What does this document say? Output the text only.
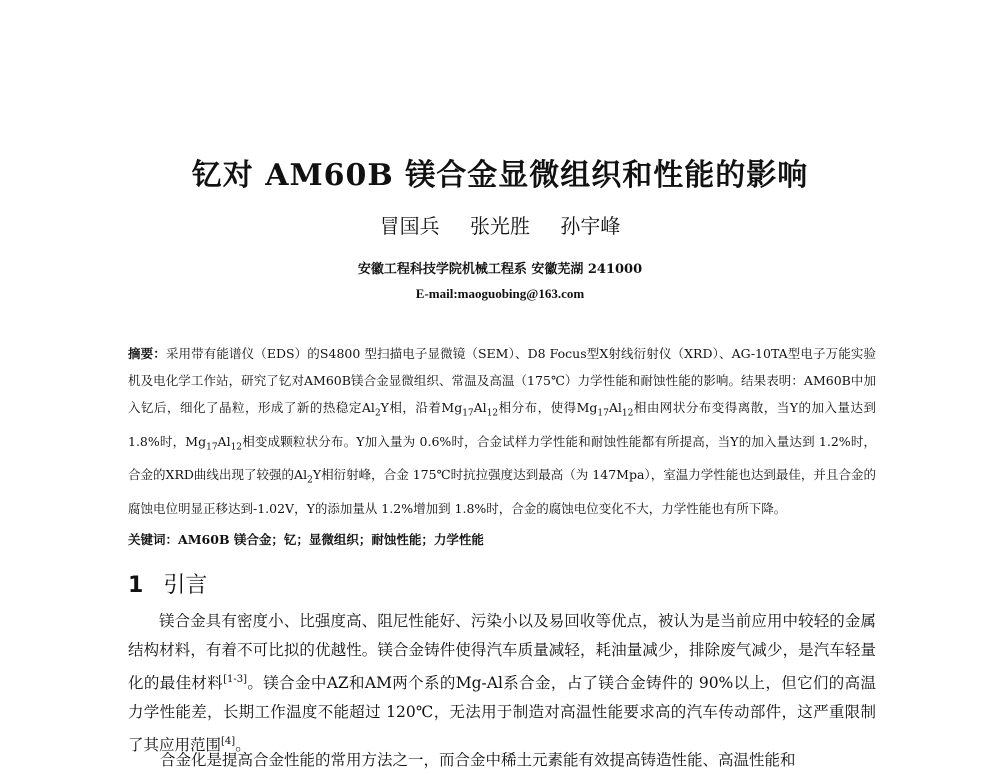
钇对 AM60B 镁合金显微组织和性能的影响
冒国兵 张光胜 孙宇峰
安徽工程科技学院机械工程系 安徽芜湖 241000
E-mail:maoguobing@163.com
摘要：采用带有能谱仪（EDS）的S4800 型扫描电子显微镜（SEM）、D8 Focus型X射线衍射仪（XRD）、AG-10TA型电子万能实验机及电化学工作站，研究了钇对AM60B镁合金显微组织、常温及高温（175℃）力学性能和耐蚀性能的影响。结果表明：AM60B中加入钇后，细化了晶粒，形成了新的热稳定$Al_2Y$相，沿着$Mg_{17}Al_{12}$相分布，使得$Mg_{17}Al_{12}$相由网状分布变得离散，当Y的加入量达到 1.8%时，$Mg_{17}Al_{12}$相变成颗粒状分布。Y加入量为 0.6%时，合金试样力学性能和耐蚀性能都有所提高，当Y的加入量达到 1.2%时，合金的XRD曲线出现了较强的$Al_2Y$相衍射峰，合金 175℃时抗拉强度达到最高（为 147Mpa），室温力学性能也达到最佳，并且合金的腐蚀电位明显正移达到-1.02V，Y的添加量从 1.2%增加到 1.8%时，合金的腐蚀电位变化不大，力学性能也有所下降。
关键词：AM60B 镁合金；钇；显微组织；耐蚀性能；力学性能
1 引言
镁合金具有密度小、比强度高、阻尼性能好、污染小以及易回收等优点，被认为是当前应用中较轻的金属结构材料，有着不可比拟的优越性。镁合金铸件使得汽车质量减轻，耗油量减少，排除废气减少，是汽车轻量化的最佳材料[1-3]。镁合金中AZ和AM两个系的Mg-Al系合金，占了镁合金铸件的 90%以上，但它们的高温力学性能差，长期工作温度不能超过 120℃，无法用于制造对高温性能要求高的汽车传动部件，这严重限制了其应用范围[4]。
合金化是提高合金性能的常用方法之一，而合金中稀土元素能有效提高铸造性能、高温性能和
